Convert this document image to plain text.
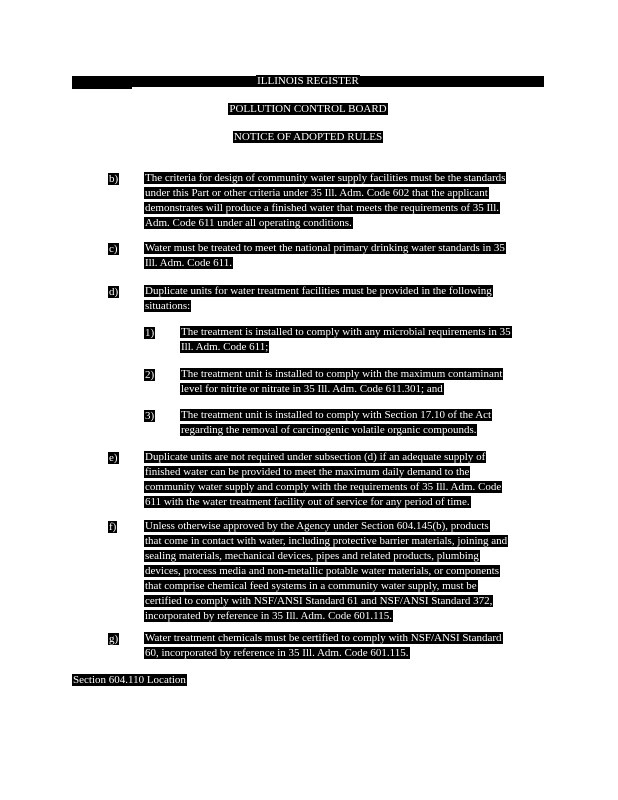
ILLINOIS REGISTER
POLLUTION CONTROL BOARD
NOTICE OF ADOPTED RULES
b) The criteria for design of community water supply facilities must be the standards
under this Part or other criteria under 35 Ill. Adm. Code 602 that the applicant
demonstrates will produce a finished water that meets the requirements of 35 Ill.
Adm. Code 611 under all operating conditions.
c) Water must be treated to meet the national primary drinking water standards in 35
Ill. Adm. Code 611.
d) Duplicate units for water treatment facilities must be provided in the following
situations:
1) The treatment is installed to comply with any microbial requirements in 35
Ill. Adm. Code 611;
2) The treatment unit is installed to comply with the maximum contaminant
level for nitrite or nitrate in 35 Ill. Adm. Code 611.301; and
3) The treatment unit is installed to comply with Section 17.10 of the Act
regarding the removal of carcinogenic volatile organic compounds.
e) Duplicate units are not required under subsection (d) if an adequate supply of
finished water can be provided to meet the maximum daily demand to the
community water supply and comply with the requirements of 35 Ill. Adm. Code
611 with the water treatment facility out of service for any period of time.
f)	Unless otherwise approved by the Agency under Section 604.145(b), products
that come in contact with water, including protective barrier materials, joining and
sealing materials, mechanical devices, pipes and related products, plumbing
devices, process media and non-metallic potable water materials, or components
that comprise chemical feed systems in a community water supply, must be
certified to comply with NSF/ANSI Standard 61 and NSF/ANSI Standard 372,
incorporated by reference in 35 Ill. Adm. Code 601.115.
g) Water treatment chemicals must be certified to comply with NSF/ANSI Standard
60, incorporated by reference in 35 Ill. Adm. Code 601.115.
Section 604.110 Location
